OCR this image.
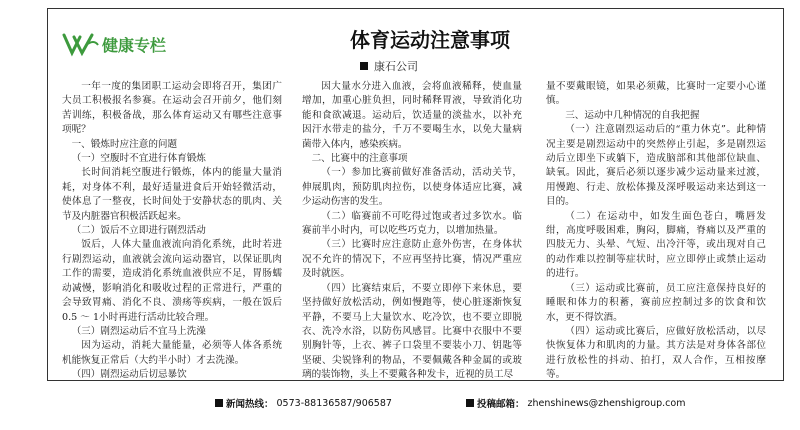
健康专栏	体育运动注意事项
康石公司

一年一度的集团职工运动会即将召开，集团广大员工积极报名参赛。在运动会召开前夕，他们刻苦训练，积极备战，那么体育运动又有哪些注意事项呢？

一、锻炼时应注意的问题

（一）空腹时不宜进行体育锻炼

长时间消耗空腹进行锻炼，体内的能量大量消耗，对身体不利，最好适量进食后开始轻微活动，使体息了一整夜，长时间处于安静状态的肌肉、关节及内脏器官积极活跃起来。

（二）饭后不立即进行剧烈活动

饭后，人体大量血液流向消化系统，此时若进行剧烈运动，血液就会流向运动器官，以保证肌肉工作的需要，造成消化系统血液供应不足，胃肠蠕动减慢，影响消化和吸收过程的正常进行，严重的会导致胃痛、消化不良、溃疡等疾病，一般在饭后0.5 ～ 1小时再进行活动比较合理。

（三）剧烈运动后不宜马上洗澡

因为运动，消耗大量能量，必须等人体各系统机能恢复正常后（大约半小时）才去洗澡。

（四）剧烈运动后切忌暴饮

因大量水分进入血液，会将血液稀释，使血量增加，加重心脏负担，同时稀释胃液，导致消化功能和食欲减退。运动后，饮适量的淡盐水，以补充因汗水带走的盐分，千万不要喝生水，以免大量病菌带入体内，感染疾病。

二、比赛中的注意事项

（一）参加比赛前做好准备活动，活动关节，伸展肌肉，预防肌肉拉伤，以使身体适应比赛，减少运动伤害的发生。

（二）临赛前不可吃得过饱或者过多饮水。临赛前半小时内，可以吃些巧克力，以增加热量。

（三）比赛时应注意防止意外伤害，在身体状况不允许的情况下，不应再坚持比赛，情况严重应及时就医。

（四）比赛结束后，不要立即停下来休息，要坚持做好放松活动，例如慢跑等，使心脏逐渐恢复平静，不要马上大量饮水、吃冷饮，也不要立即脱衣、洗冷水浴，以防伤风感冒。比赛中衣服中不要别胸针等，上衣、裤子口袋里不要装小刀、钥匙等坚硬、尖锐锋利的物品，不要佩戴各种金属的或玻璃的装饰物，头上不要戴各种发卡，近视的员工尽

量不要戴眼镜，如果必须戴，比赛时一定要小心谨慎。

三、运动中几种情况的自我把握

（一）注意剧烈运动后的“重力休克”。此种情况主要是剧烈运动中的突然停止引起，多是剧烈运动后立即坐下或躺下，造成脑部和其他部位缺血、缺氧。因此，赛后必须以逐步减少运动量来过渡，用慢跑、行走、放松体操及深呼吸运动来达到这一目的。

（二）在运动中，如发生面色苍白，嘴唇发绀，高度呼吸困难，胸闷，脚痛，脊痛以及严重的四肢无力、头晕、气短、出冷汗等，或出现对自己的动作难以控制等症状时，应立即停止或禁止运动的进行。

（三）运动或比赛前，员工应注意保持良好的睡眠和体力的积蓄，赛前应控制过多的饮食和饮水，更不得饮酒。

（四）运动或比赛后，应做好放松活动，以尽快恢复体力和肌肉的力量。其方法是对身体各部位进行放松性的抖动、拍打，双人合作，互相按摩等。

新闻热线： 0573-88136587/906587	投稿邮箱： zhenshinews@zhenshigroup.com
